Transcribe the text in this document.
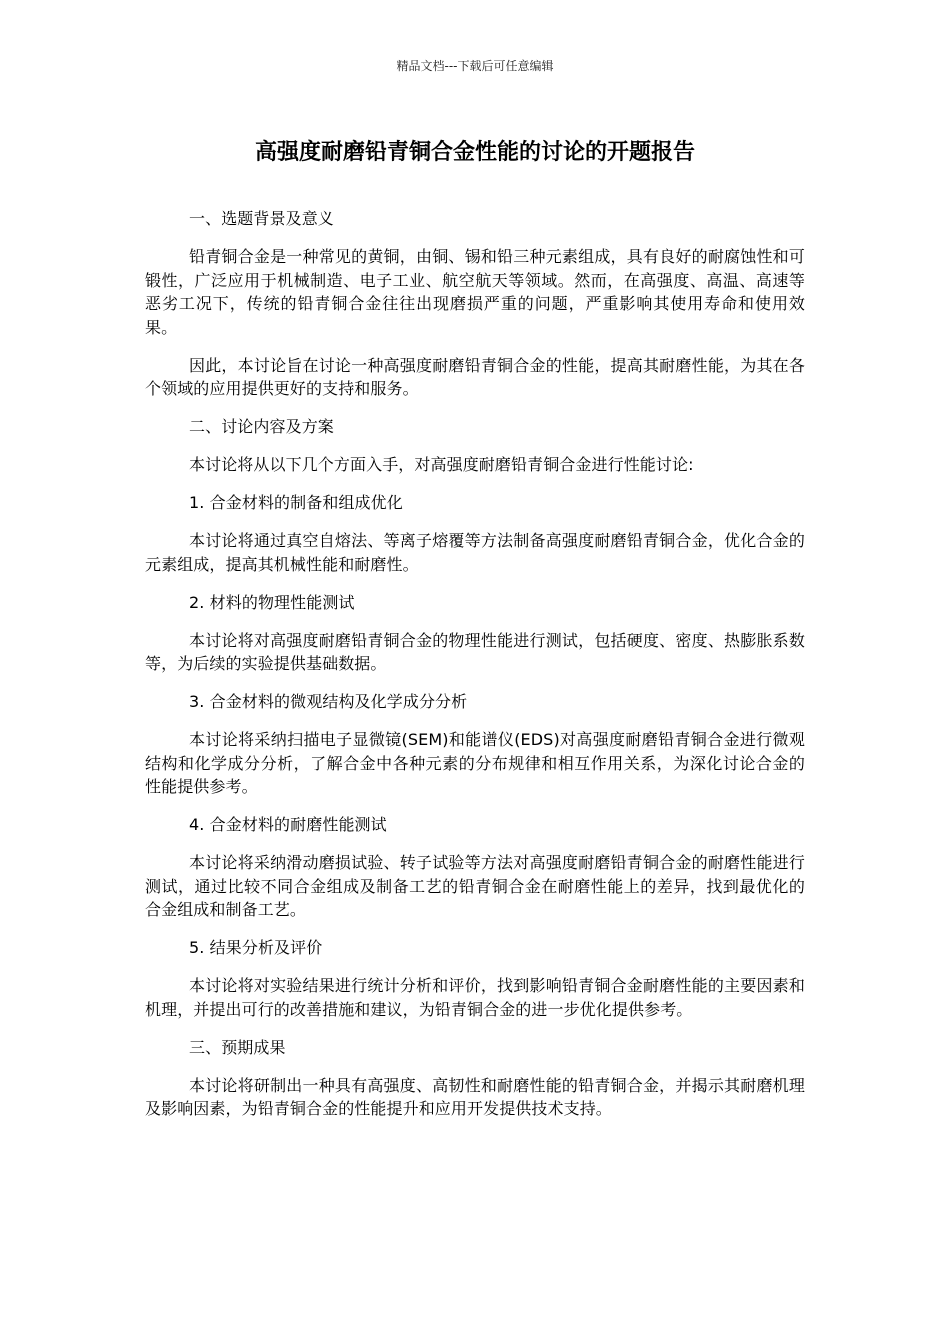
精品文档---下载后可任意编辑
高强度耐磨铅青铜合金性能的讨论的开题报告

一、选题背景及意义

铅青铜合金是一种常见的黄铜，由铜、锡和铅三种元素组成，具有良好的耐腐蚀性和可锻性，广泛应用于机械制造、电子工业、航空航天等领域。然而，在高强度、高温、高速等恶劣工况下，传统的铅青铜合金往往出现磨损严重的问题，严重影响其使用寿命和使用效果。

因此，本讨论旨在讨论一种高强度耐磨铅青铜合金的性能，提高其耐磨性能，为其在各个领域的应用提供更好的支持和服务。

二、讨论内容及方案

本讨论将从以下几个方面入手，对高强度耐磨铅青铜合金进行性能讨论:

1. 合金材料的制备和组成优化

本讨论将通过真空自熔法、等离子熔覆等方法制备高强度耐磨铅青铜合金，优化合金的元素组成，提高其机械性能和耐磨性。

2. 材料的物理性能测试

本讨论将对高强度耐磨铅青铜合金的物理性能进行测试，包括硬度、密度、热膨胀系数等，为后续的实验提供基础数据。

3. 合金材料的微观结构及化学成分分析

本讨论将采纳扫描电子显微镜(SEM)和能谱仪(EDS)对高强度耐磨铅青铜合金进行微观结构和化学成分分析，了解合金中各种元素的分布规律和相互作用关系，为深化讨论合金的性能提供参考。

4. 合金材料的耐磨性能测试

本讨论将采纳滑动磨损试验、转子试验等方法对高强度耐磨铅青铜合金的耐磨性能进行测试，通过比较不同合金组成及制备工艺的铅青铜合金在耐磨性能上的差异，找到最优化的合金组成和制备工艺。

5. 结果分析及评价

本讨论将对实验结果进行统计分析和评价，找到影响铅青铜合金耐磨性能的主要因素和机理，并提出可行的改善措施和建议，为铅青铜合金的进一步优化提供参考。

三、预期成果

本讨论将研制出一种具有高强度、高韧性和耐磨性能的铅青铜合金，并揭示其耐磨机理及影响因素，为铅青铜合金的性能提升和应用开发提供技术支持。
